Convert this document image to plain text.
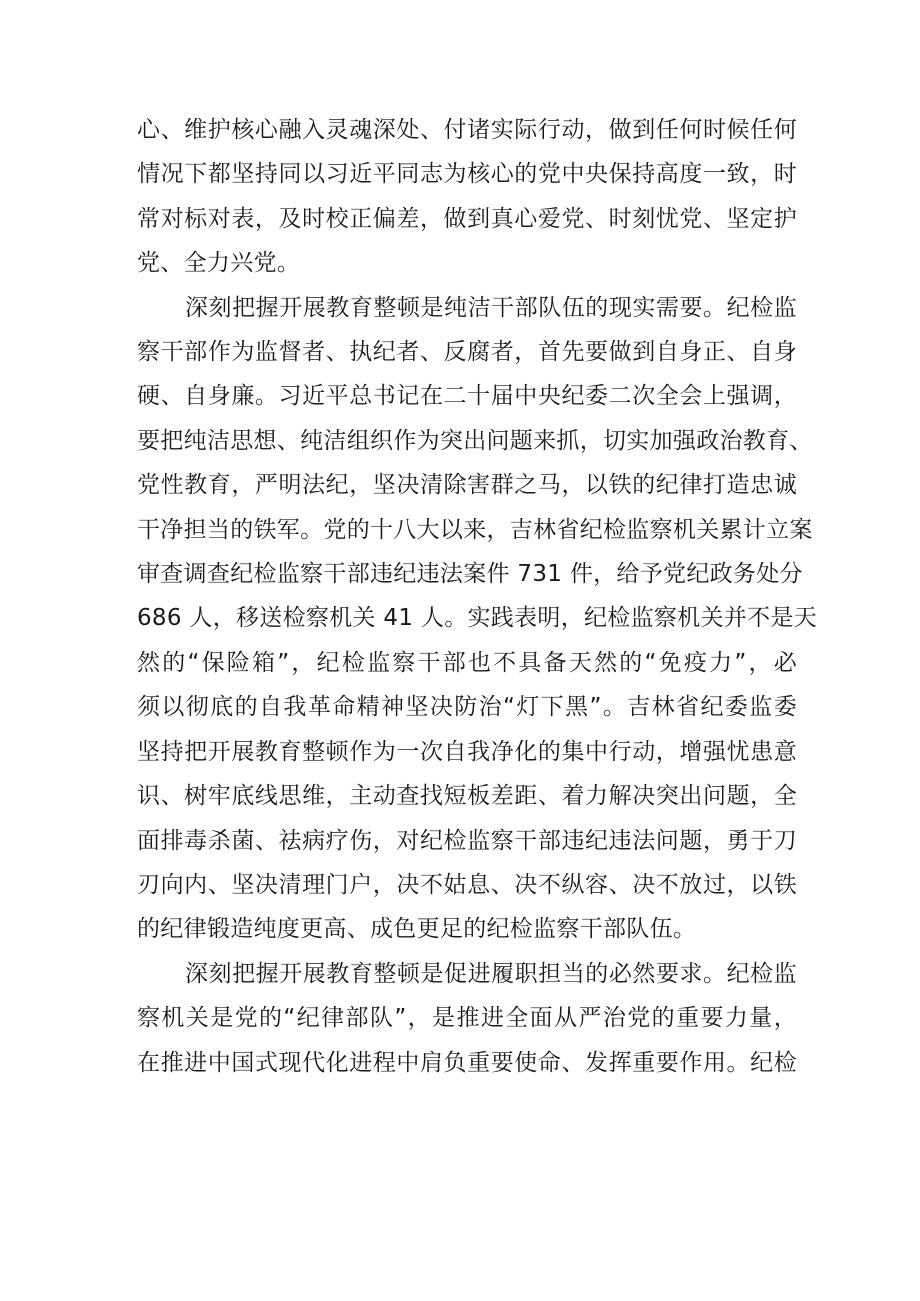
心、维护核心融入灵魂深处、付诸实际行动，做到任何时候任何
情况下都坚持同以习近平同志为核心的党中央保持高度一致，时
常对标对表，及时校正偏差，做到真心爱党、时刻忧党、坚定护
党、全力兴党。
深刻把握开展教育整顿是纯洁干部队伍的现实需要。纪检监
察干部作为监督者、执纪者、反腐者，首先要做到自身正、自身
硬、自身廉。习近平总书记在二十届中央纪委二次全会上强调，
要把纯洁思想、纯洁组织作为突出问题来抓，切实加强政治教育、
党性教育，严明法纪，坚决清除害群之马，以铁的纪律打造忠诚
干净担当的铁军。党的十八大以来，吉林省纪检监察机关累计立案
审查调查纪检监察干部违纪违法案件 731 件，给予党纪政务处分
686 人，移送检察机关 41 人。实践表明，纪检监察机关并不是天
然的“保险箱”，纪检监察干部也不具备天然的“免疫力”，必
须以彻底的自我革命精神坚决防治“灯下黑”。吉林省纪委监委
坚持把开展教育整顿作为一次自我净化的集中行动，增强忧患意
识、树牢底线思维，主动查找短板差距、着力解决突出问题，全
面排毒杀菌、祛病疗伤，对纪检监察干部违纪违法问题，勇于刀
刃向内、坚决清理门户，决不姑息、决不纵容、决不放过，以铁
的纪律锻造纯度更高、成色更足的纪检监察干部队伍。
深刻把握开展教育整顿是促进履职担当的必然要求。纪检监
察机关是党的“纪律部队”，是推进全面从严治党的重要力量，
在推进中国式现代化进程中肩负重要使命、发挥重要作用。纪检
